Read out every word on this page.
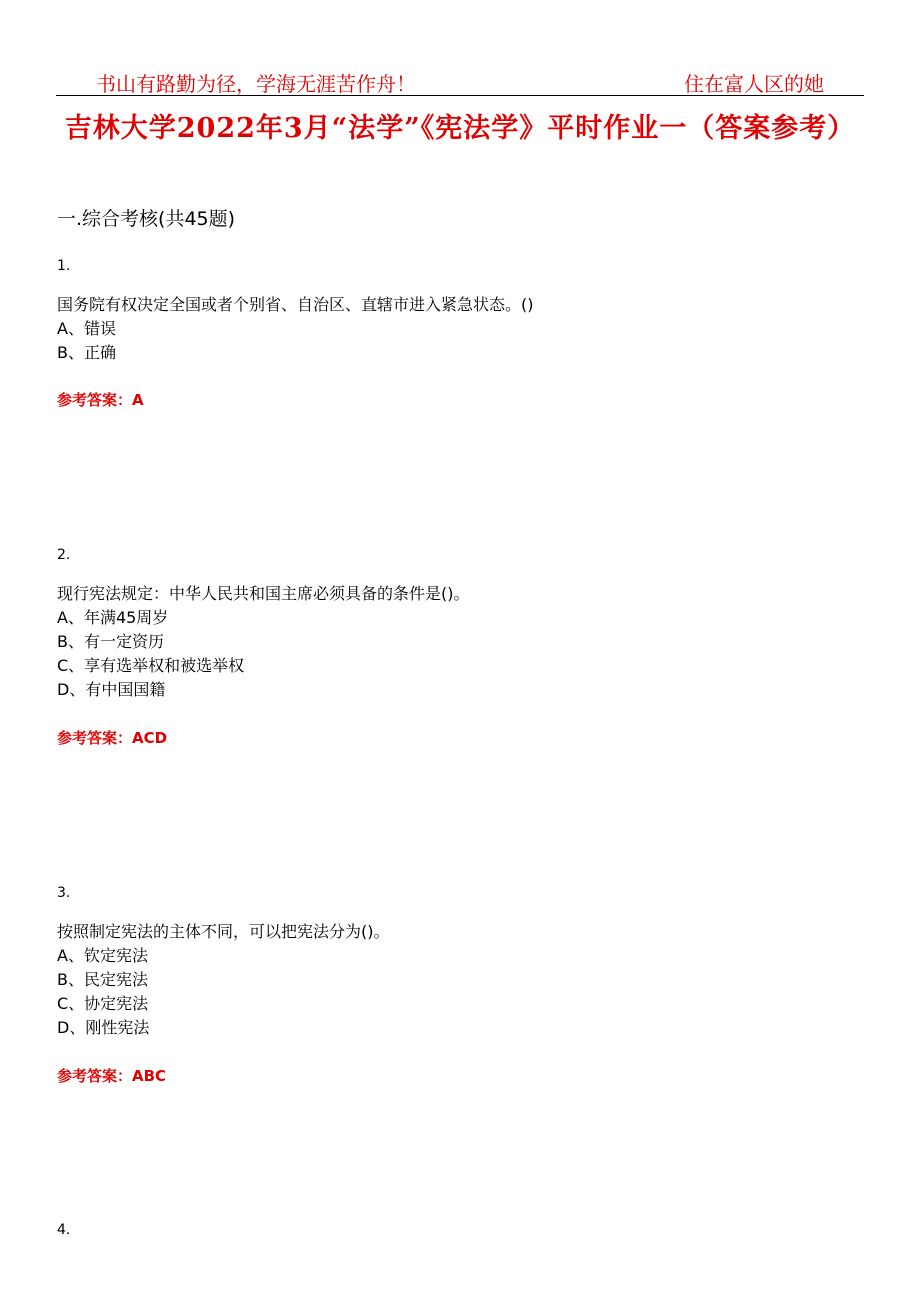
书山有路勤为径，学海无涯苦作舟！	住在富人区的她
吉林大学2022年3月“法学”《宪法学》平时作业一（答案参考）
一.综合考核(共45题)
1.
国务院有权决定全国或者个别省、自治区、直辖市进入紧急状态。()
A、错误
B、正确
参考答案：A
2.
现行宪法规定：中华人民共和国主席必须具备的条件是()。
A、年满45周岁
B、有一定资历
C、享有选举权和被选举权
D、有中国国籍
参考答案：ACD
3.
按照制定宪法的主体不同，可以把宪法分为()。
A、钦定宪法
B、民定宪法
C、协定宪法
D、刚性宪法
参考答案：ABC
4.
